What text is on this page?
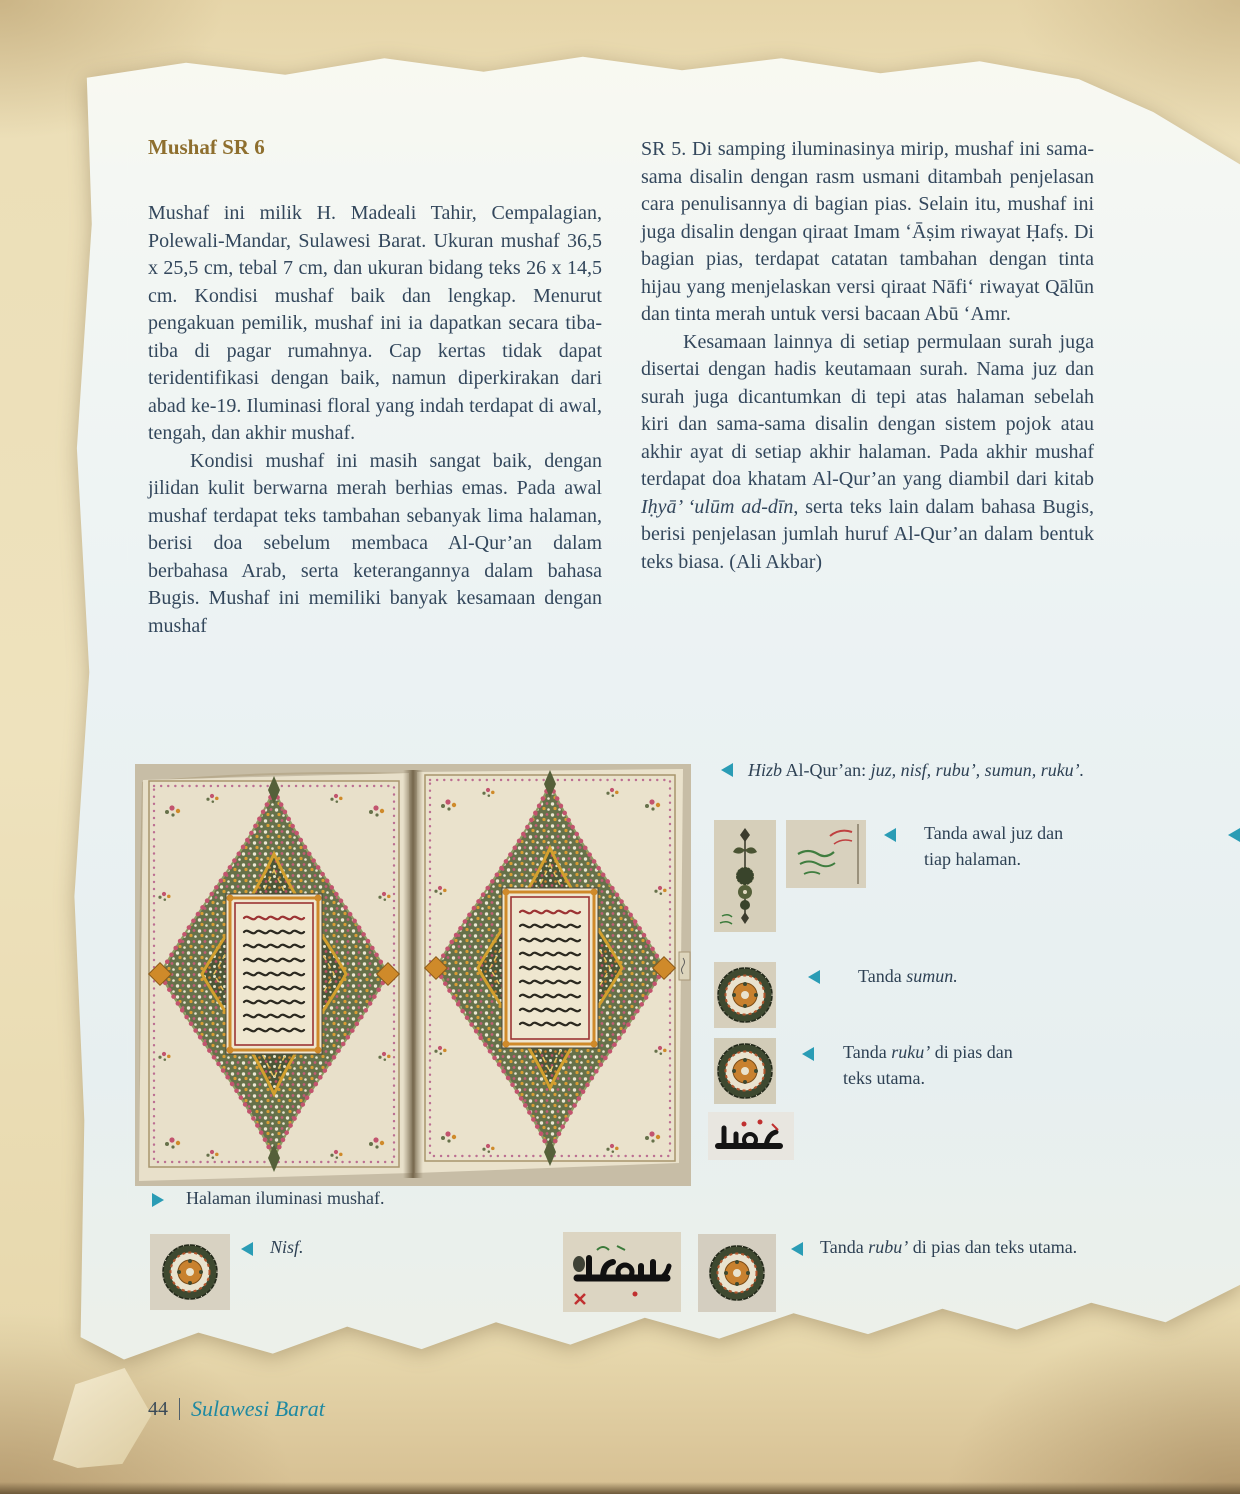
Mushaf SR 6

Mushaf ini milik H. Madeali Tahir, Cempalagian, Polewali-Mandar, Sulawesi Barat. Ukuran mushaf 36,5 x 25,5 cm, tebal 7 cm, dan ukuran bidang teks 26 x 14,5 cm. Kondisi mushaf baik dan lengkap. Menurut pengakuan pemilik, mushaf ini ia dapatkan secara tiba-tiba di pagar rumahnya. Cap kertas tidak dapat teridentifikasi dengan baik, namun diperkirakan dari abad ke-19. Iluminasi floral yang indah terdapat di awal, tengah, dan akhir mushaf.

Kondisi mushaf ini masih sangat baik, dengan jilidan kulit berwarna merah berhias emas. Pada awal mushaf terdapat teks tambahan sebanyak lima halaman, berisi doa sebelum membaca Al-Qur’an dalam berbahasa Arab, serta keterangannya dalam bahasa Bugis. Mushaf ini memiliki banyak kesamaan dengan mushaf

SR 5. Di samping iluminasinya mirip, mushaf ini sama-sama disalin dengan rasm usmani ditambah penjelasan cara penulisannya di bagian pias. Selain itu, mushaf ini juga disalin dengan qiraat Imam ‘Āṣim riwayat Ḥafṣ. Di bagian pias, terdapat catatan tambahan dengan tinta hijau yang menjelaskan versi qiraat Nāfi‘ riwayat Qālūn dan tinta merah untuk versi bacaan Abū ‘Amr.

Kesamaan lainnya di setiap permulaan surah juga disertai dengan hadis keutamaan surah. Nama juz dan surah juga dicantumkan di tepi atas halaman sebelah kiri dan sama-sama disalin dengan sistem pojok atau akhir ayat di setiap akhir halaman. Pada akhir mushaf terdapat doa khatam Al-Qur’an yang diambil dari kitab Iḥyā’ ‘ulūm ad-dīn, serta teks lain dalam bahasa Bugis, berisi penjelasan jumlah huruf Al-Qur’an dalam bentuk teks biasa. (Ali Akbar)

Hizb Al-Qur’an: juz, nisf, rubu’, sumun, ruku’.
Tanda awal juz dan tiap halaman.
Tanda sumun.
Tanda ruku’ di pias dan teks utama.
Halaman iluminasi mushaf.
Nisf.	Tanda rubu’ di pias dan teks utama.
44 Sulawesi Barat
